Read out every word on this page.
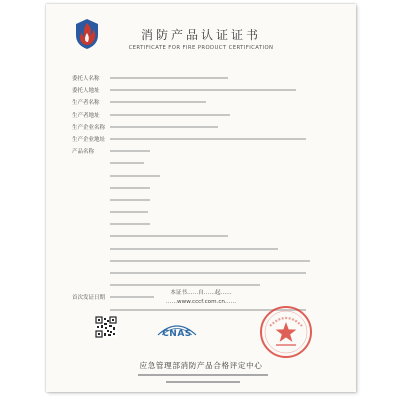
消防产品认证证书
CERTIFICATE FOR FIRE PRODUCT CERTIFICATION
委托人名称
委托人地址
生产者名称
生产者地址
生产企业名称
生产企业地址
产品名称
首次发证日期
本证书……自……起……
……www.cccf.com.cn……
CNAS
应急管理部消防产品合格评定中心
